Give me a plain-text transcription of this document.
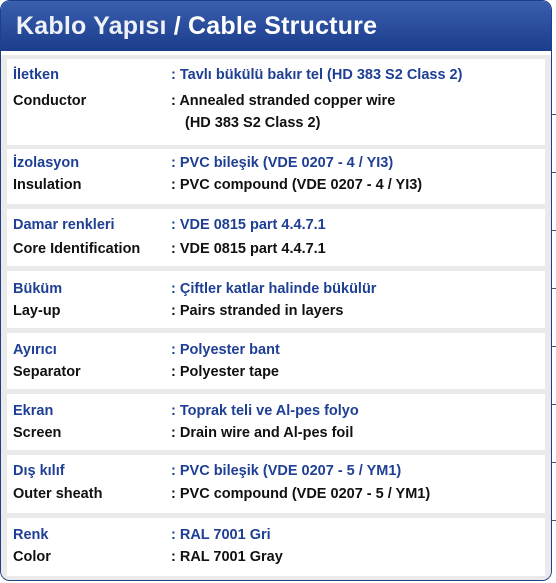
Kablo Yapısı / Cable Structure
İletken	: Tavlı bükülü bakır tel (HD 383 S2 Class 2)
Conductor	: Annealed stranded copper wire
(HD 383 S2 Class 2)
İzolasyon	: PVC bileşik (VDE 0207 - 4 / YI3)
Insulation	: PVC compound (VDE 0207 - 4 / YI3)
Damar renkleri	: VDE 0815 part 4.4.7.1
Core Identification : VDE 0815 part 4.4.7.1
Büküm	: Çiftler katlar halinde bükülür
Lay-up	: Pairs stranded in layers
Ayırıcı	: Polyester bant
Separator	: Polyester tape
Ekran	: Toprak teli ve Al-pes folyo
Screen	: Drain wire and Al-pes foil
Dış kılıf	: PVC bileşik (VDE 0207 - 5 / YM1)
Outer sheath	: PVC compound (VDE 0207 - 5 / YM1)
Renk	: RAL 7001 Gri
Color	: RAL 7001 Gray
